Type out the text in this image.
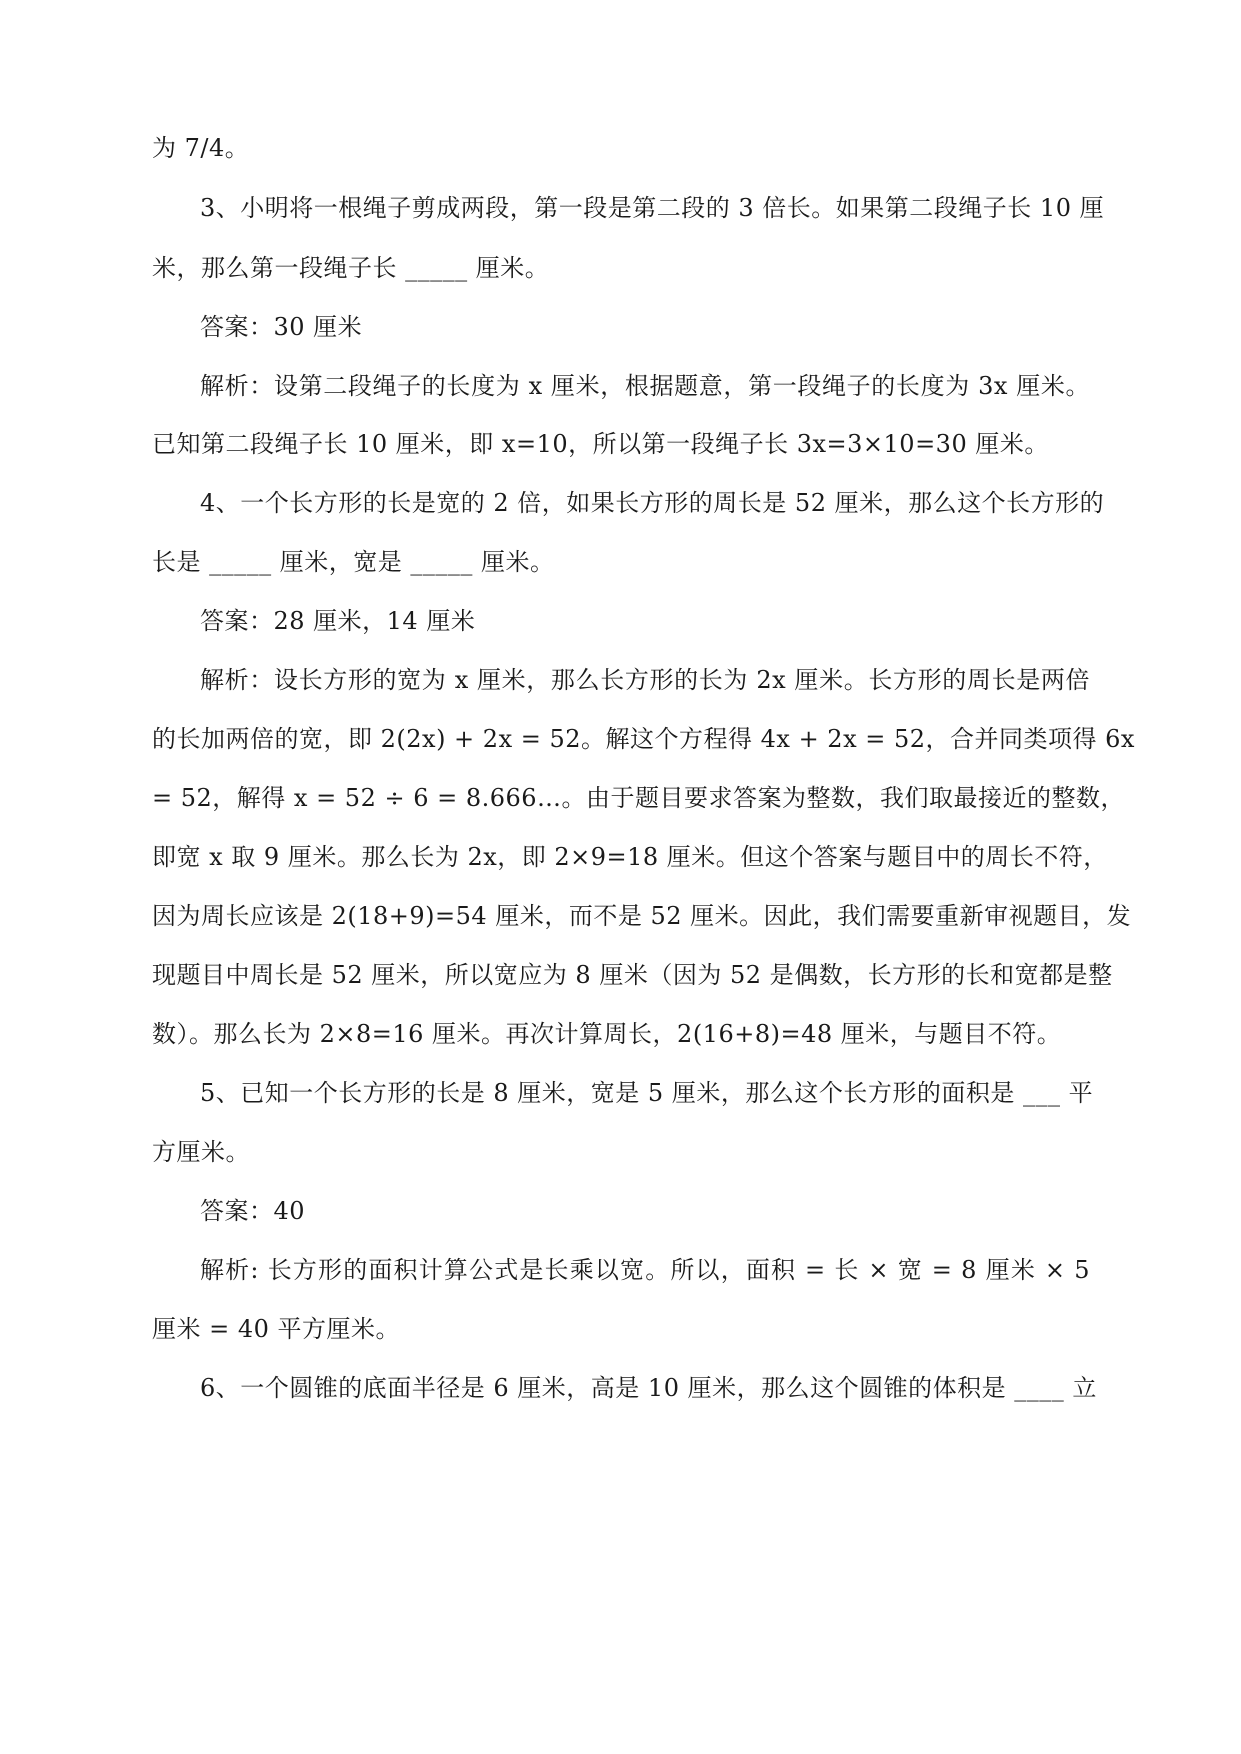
为 7/4。
3、小明将一根绳子剪成两段，第一段是第二段的 3 倍长。如果第二段绳子长 10 厘
米，那么第一段绳子长 _____ 厘米。
答案：30 厘米
解析：设第二段绳子的长度为 x 厘米，根据题意，第一段绳子的长度为 3x 厘米。
已知第二段绳子长 10 厘米，即 x=10，所以第一段绳子长 3x=3×10=30 厘米。
4、一个长方形的长是宽的 2 倍，如果长方形的周长是 52 厘米，那么这个长方形的
长是 _____ 厘米，宽是 _____ 厘米。
答案：28 厘米，14 厘米
解析：设长方形的宽为 x 厘米，那么长方形的长为 2x 厘米。长方形的周长是两倍
的长加两倍的宽，即 2(2x) + 2x = 52。解这个方程得 4x + 2x = 52，合并同类项得 6x
= 52，解得 x = 52 ÷ 6 = 8.666…。由于题目要求答案为整数，我们取最接近的整数，
即宽 x 取 9 厘米。那么长为 2x，即 2×9=18 厘米。但这个答案与题目中的周长不符，
因为周长应该是 2(18+9)=54 厘米，而不是 52 厘米。因此，我们需要重新审视题目，发
现题目中周长是 52 厘米，所以宽应为 8 厘米（因为 52 是偶数，长方形的长和宽都是整
数）。那么长为 2×8=16 厘米。再次计算周长，2(16+8)=48 厘米，与题目不符。
5、已知一个长方形的长是 8 厘米，宽是 5 厘米，那么这个长方形的面积是 ___ 平
方厘米。
答案：40
解析: 长方形的面积计算公式是长乘以宽。所以，面积 = 长 × 宽 = 8 厘米 × 5
厘米 = 40 平方厘米。
6、一个圆锥的底面半径是 6 厘米，高是 10 厘米，那么这个圆锥的体积是 ____ 立
